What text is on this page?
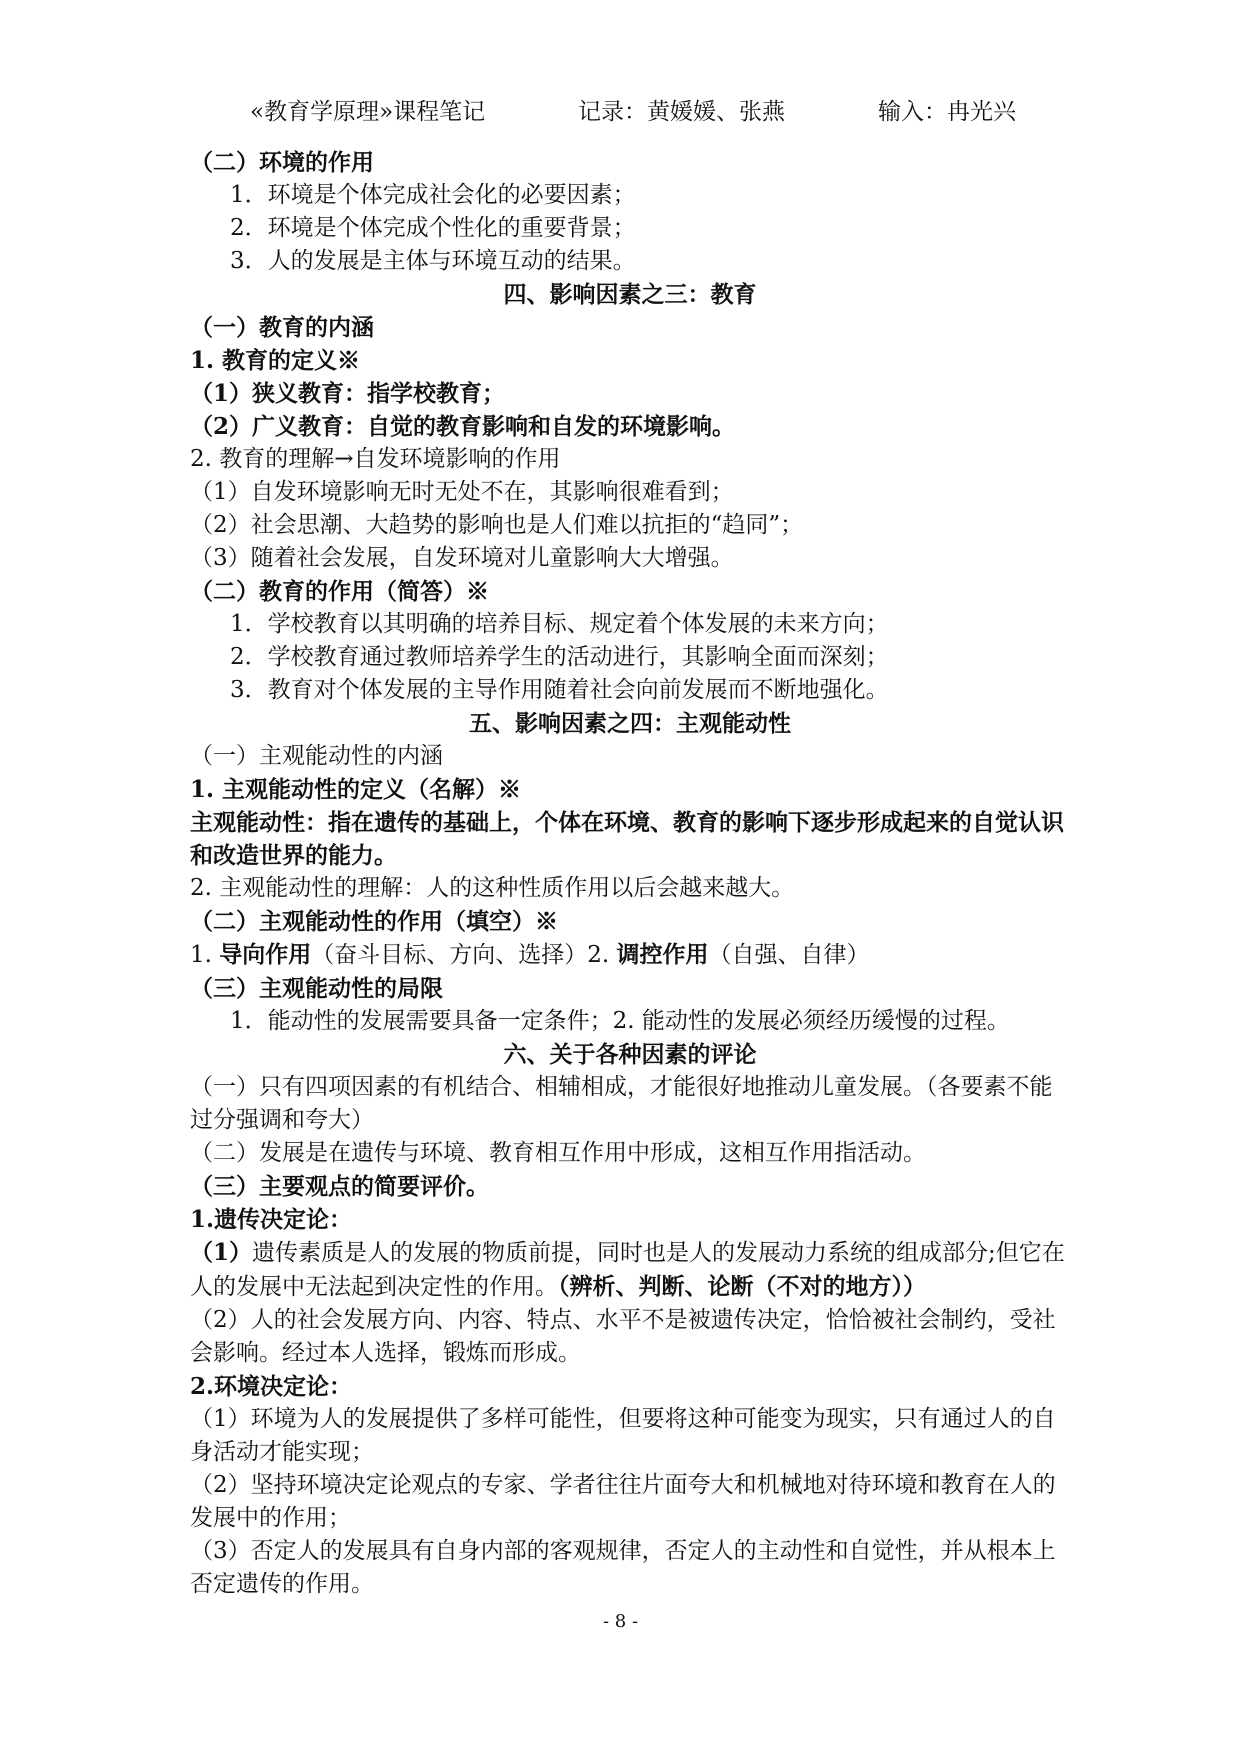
«教育学原理»课程笔记	记录：黄媛媛、张燕	输入：冉光兴

（二）环境的作用

1．环境是个体完成社会化的必要因素；

2．环境是个体完成个性化的重要背景；

3．人的发展是主体与环境互动的结果。

四、影响因素之三：教育

（一）教育的内涵

1. 教育的定义※

（1）狭义教育：指学校教育；

（2）广义教育：自觉的教育影响和自发的环境影响。

2. 教育的理解→自发环境影响的作用

（1）自发环境影响无时无处不在，其影响很难看到；

（2）社会思潮、大趋势的影响也是人们难以抗拒的“趋同”；

（3）随着社会发展，自发环境对儿童影响大大增强。

（二）教育的作用（简答）※

1．学校教育以其明确的培养目标、规定着个体发展的未来方向；

2．学校教育通过教师培养学生的活动进行，其影响全面而深刻；

3．教育对个体发展的主导作用随着社会向前发展而不断地强化。

五、影响因素之四：主观能动性

（一）主观能动性的内涵

1. 主观能动性的定义（名解）※

主观能动性：指在遗传的基础上，个体在环境、教育的影响下逐步形成起来的自觉认识和改造世界的能力。

2. 主观能动性的理解：人的这种性质作用以后会越来越大。

（二）主观能动性的作用（填空）※

1. 导向作用（奋斗目标、方向、选择）2. 调控作用（自强、自律）

（三）主观能动性的局限

1．能动性的发展需要具备一定条件；2. 能动性的发展必须经历缓慢的过程。

六、关于各种因素的评论

（一）只有四项因素的有机结合、相辅相成，才能很好地推动儿童发展。（各要素不能过分强调和夸大）

（二）发展是在遗传与环境、教育相互作用中形成，这相互作用指活动。

（三）主要观点的简要评价。

1.遗传决定论：

（1）遗传素质是人的发展的物质前提，同时也是人的发展动力系统的组成部分;但它在人的发展中无法起到决定性的作用。（辨析、判断、论断（不对的地方））

（2）人的社会发展方向、内容、特点、水平不是被遗传决定，恰恰被社会制约，受社会影响。经过本人选择，锻炼而形成。

2.环境决定论：

（1）环境为人的发展提供了多样可能性，但要将这种可能变为现实，只有通过人的自身活动才能实现；

（2）坚持环境决定论观点的专家、学者往往片面夸大和机械地对待环境和教育在人的发展中的作用；

（3）否定人的发展具有自身内部的客观规律，否定人的主动性和自觉性，并从根本上否定遗传的作用。

- 8 -
